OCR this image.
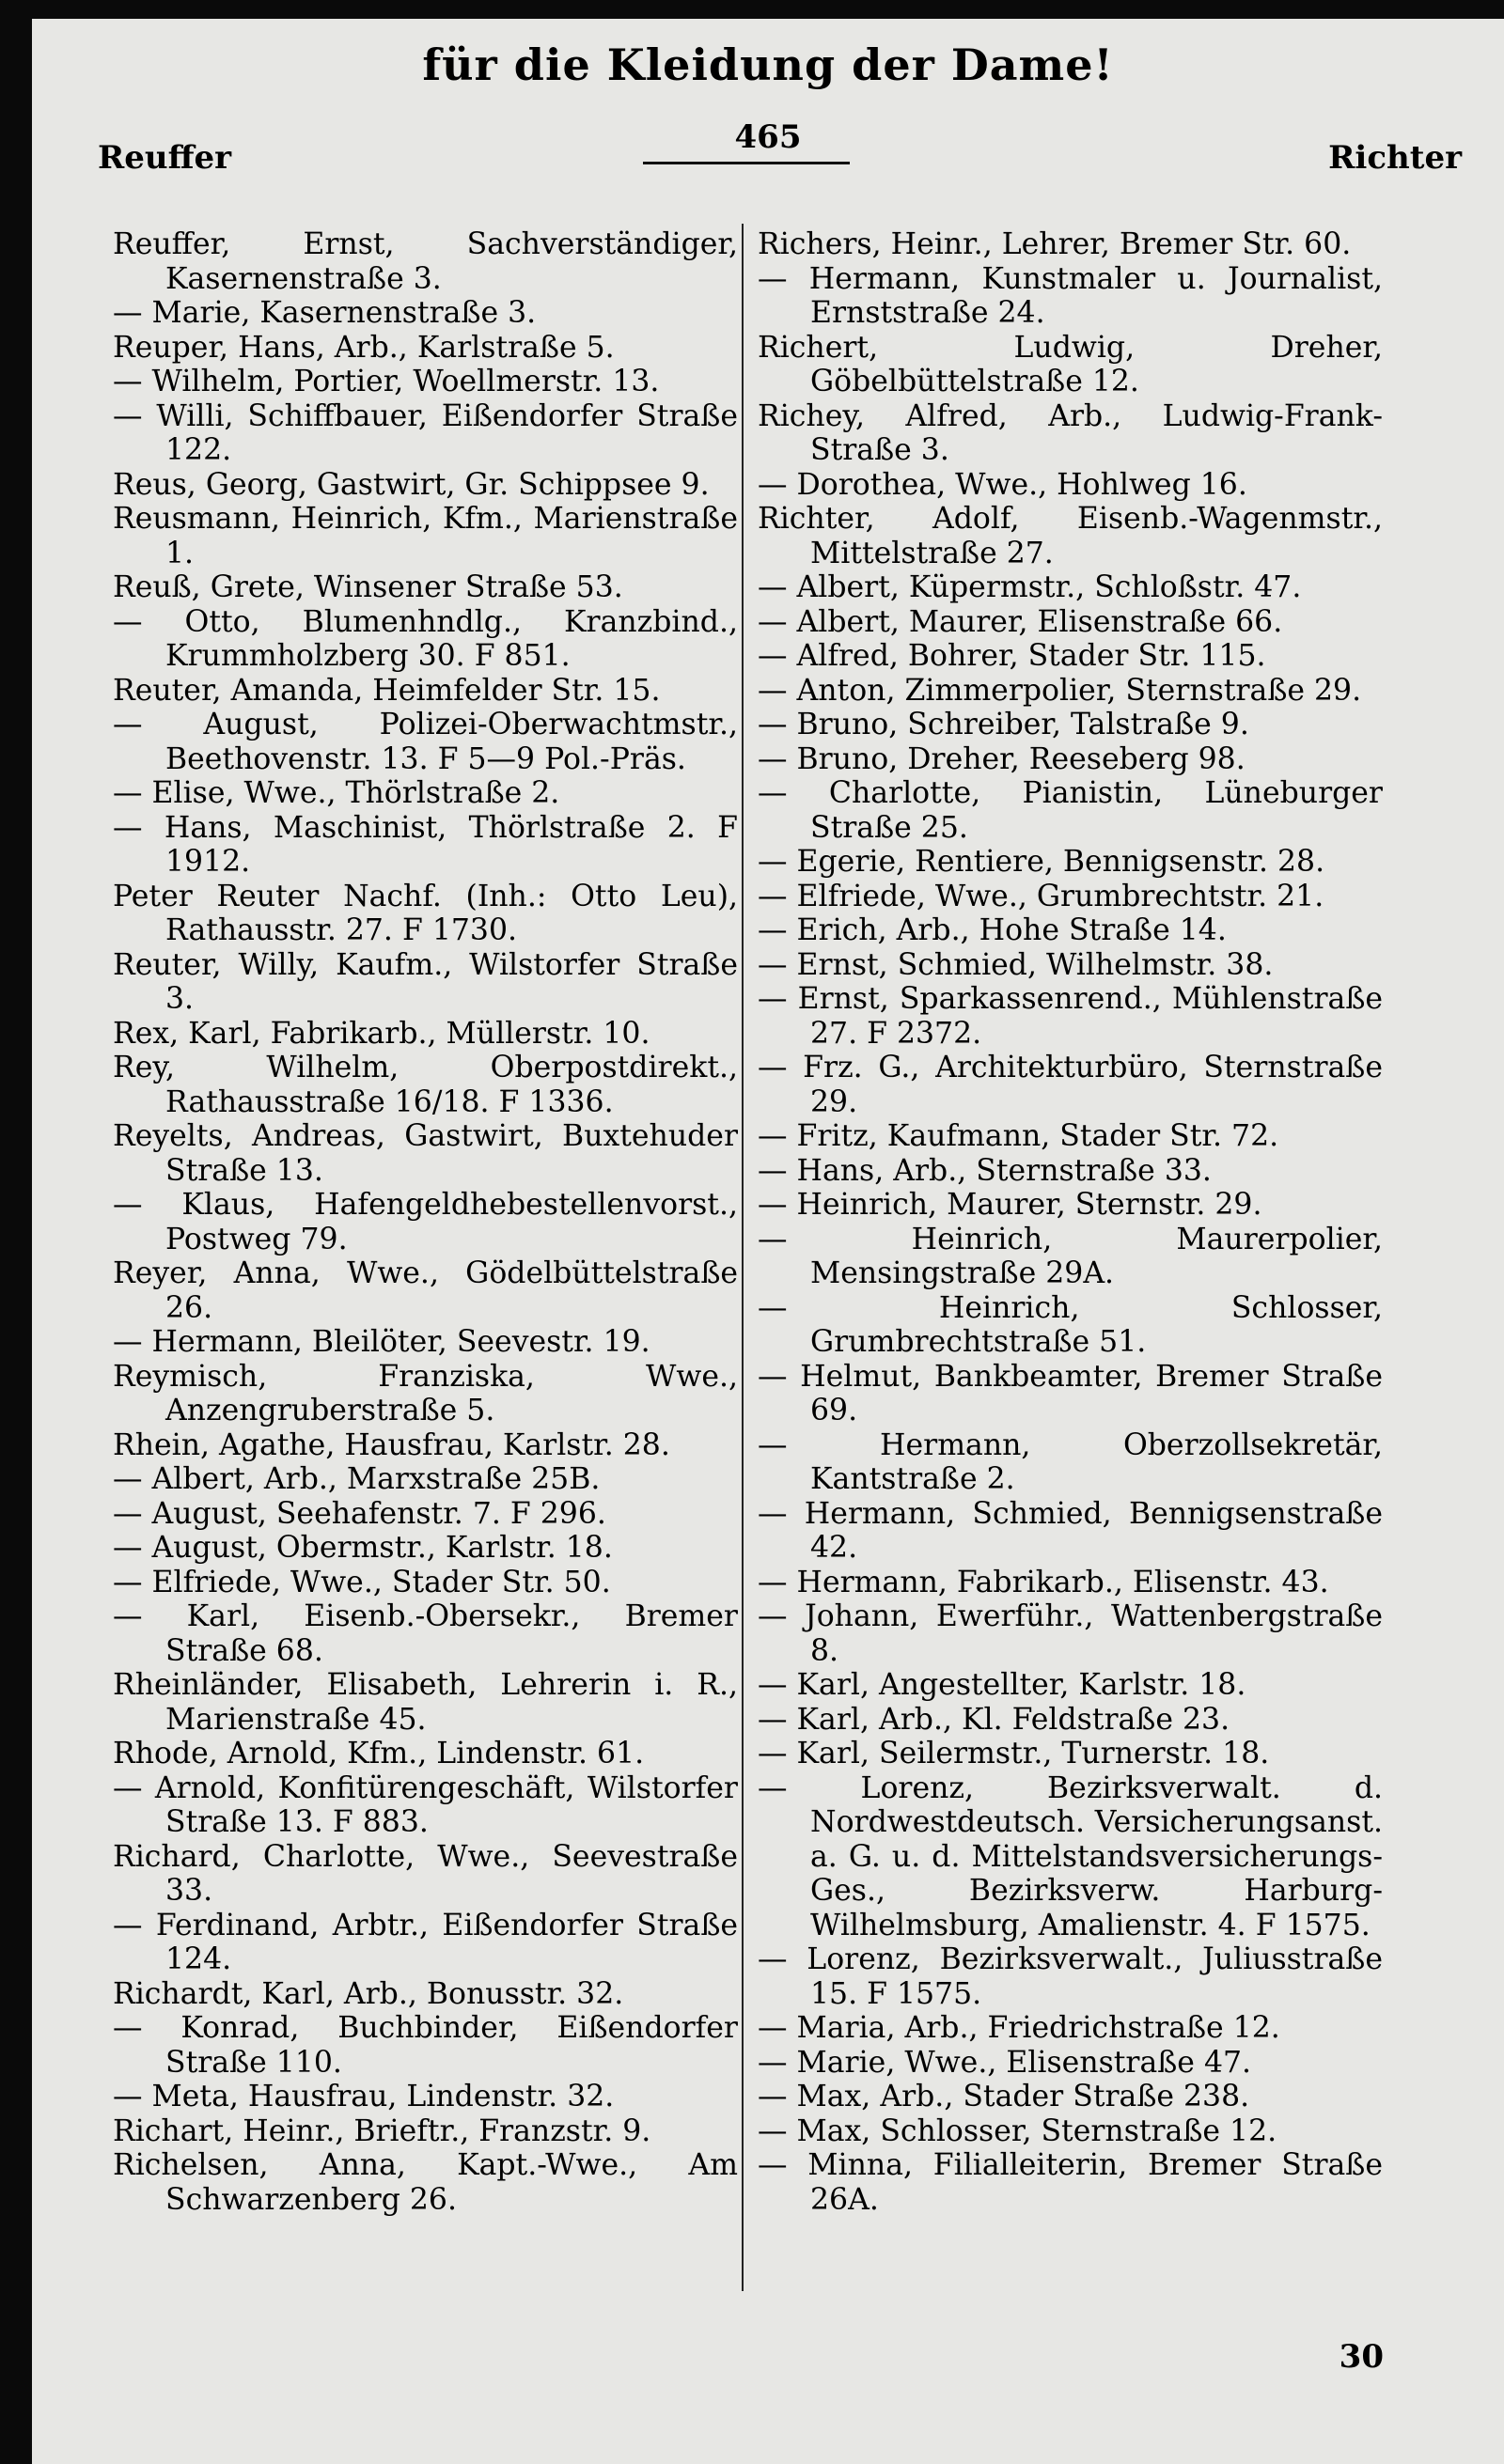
für die Kleidung der Dame!
Reuffer
465
Richter
Reuffer, Ernst, Sachverständiger, Kasernenstraße 3.
— Marie, Kasernenstraße 3.
Reuper, Hans, Arb., Karlstraße 5.
— Wilhelm, Portier, Woellmerstr. 13.
— Willi, Schiffbauer, Eißendorfer Straße 122.
Reus, Georg, Gastwirt, Gr. Schippsee 9.
Reusmann, Heinrich, Kfm., Marienstraße 1.
Reuß, Grete, Winsener Straße 53.
— Otto, Blumenhndlg., Kranzbind., Krummholzberg 30. F 851.
Reuter, Amanda, Heimfelder Str. 15.
— August, Polizei-Oberwachtmstr., Beethovenstr. 13. F 5—9 Pol.-Präs.
— Elise, Wwe., Thörlstraße 2.
— Hans, Maschinist, Thörlstraße 2. F 1912.
Peter Reuter Nachf. (Inh.: Otto Leu), Rathausstr. 27. F 1730.
Reuter, Willy, Kaufm., Wilstorfer Straße 3.
Rex, Karl, Fabrikarb., Müllerstr. 10.
Rey, Wilhelm, Oberpostdirekt., Rathausstraße 16/18. F 1336.
Reyelts, Andreas, Gastwirt, Buxtehuder Straße 13.
— Klaus, Hafengeldhebestellenvorst., Postweg 79.
Reyer, Anna, Wwe., Gödelbüttelstraße 26.
— Hermann, Bleilöter, Seevestr. 19.
Reymisch, Franziska, Wwe., Anzengruberstraße 5.
Rhein, Agathe, Hausfrau, Karlstr. 28.
— Albert, Arb., Marxstraße 25B.
— August, Seehafenstr. 7. F 296.
— August, Obermstr., Karlstr. 18.
— Elfriede, Wwe., Stader Str. 50.
— Karl, Eisenb.-Obersekr., Bremer Straße 68.
Rheinländer, Elisabeth, Lehrerin i. R., Marienstraße 45.
Rhode, Arnold, Kfm., Lindenstr. 61.
— Arnold, Konfitürengeschäft, Wilstorfer Straße 13. F 883.
Richard, Charlotte, Wwe., Seevestraße 33.
— Ferdinand, Arbtr., Eißendorfer Straße 124.
Richardt, Karl, Arb., Bonusstr. 32.
— Konrad, Buchbinder, Eißendorfer Straße 110.
— Meta, Hausfrau, Lindenstr. 32.
Richart, Heinr., Brieftr., Franzstr. 9.
Richelsen, Anna, Kapt.-Wwe., Am Schwarzenberg 26.
Richers, Heinr., Lehrer, Bremer Str. 60.
— Hermann, Kunstmaler u. Journalist, Ernststraße 24.
Richert, Ludwig, Dreher, Göbelbüttelstraße 12.
Richey, Alfred, Arb., Ludwig-Frank-Straße 3.
— Dorothea, Wwe., Hohlweg 16.
Richter, Adolf, Eisenb.-Wagenmstr., Mittelstraße 27.
— Albert, Küpermstr., Schloßstr. 47.
— Albert, Maurer, Elisenstraße 66.
— Alfred, Bohrer, Stader Str. 115.
— Anton, Zimmerpolier, Sternstraße 29.
— Bruno, Schreiber, Talstraße 9.
— Bruno, Dreher, Reeseberg 98.
— Charlotte, Pianistin, Lüneburger Straße 25.
— Egerie, Rentiere, Bennigsenstr. 28.
— Elfriede, Wwe., Grumbrechtstr. 21.
— Erich, Arb., Hohe Straße 14.
— Ernst, Schmied, Wilhelmstr. 38.
— Ernst, Sparkassenrend., Mühlenstraße 27. F 2372.
— Frz. G., Architekturbüro, Sternstraße 29.
— Fritz, Kaufmann, Stader Str. 72.
— Hans, Arb., Sternstraße 33.
— Heinrich, Maurer, Sternstr. 29.
— Heinrich, Maurerpolier, Mensingstraße 29A.
— Heinrich, Schlosser, Grumbrechtstraße 51.
— Helmut, Bankbeamter, Bremer Straße 69.
— Hermann, Oberzollsekretär, Kantstraße 2.
— Hermann, Schmied, Bennigsenstraße 42.
— Hermann, Fabrikarb., Elisenstr. 43.
— Johann, Ewerführ., Wattenbergstraße 8.
— Karl, Angestellter, Karlstr. 18.
— Karl, Arb., Kl. Feldstraße 23.
— Karl, Seilermstr., Turnerstr. 18.
— Lorenz, Bezirksverwalt. d. Nordwestdeutsch. Versicherungsanst. a. G. u. d. Mittelstandsversicherungs-Ges., Bezirksverw. Harburg-Wilhelmsburg, Amalienstr. 4. F 1575.
— Lorenz, Bezirksverwalt., Juliusstraße 15. F 1575.
— Maria, Arb., Friedrichstraße 12.
— Marie, Wwe., Elisenstraße 47.
— Max, Arb., Stader Straße 238.
— Max, Schlosser, Sternstraße 12.
— Minna, Filialleiterin, Bremer Straße 26A.
30
